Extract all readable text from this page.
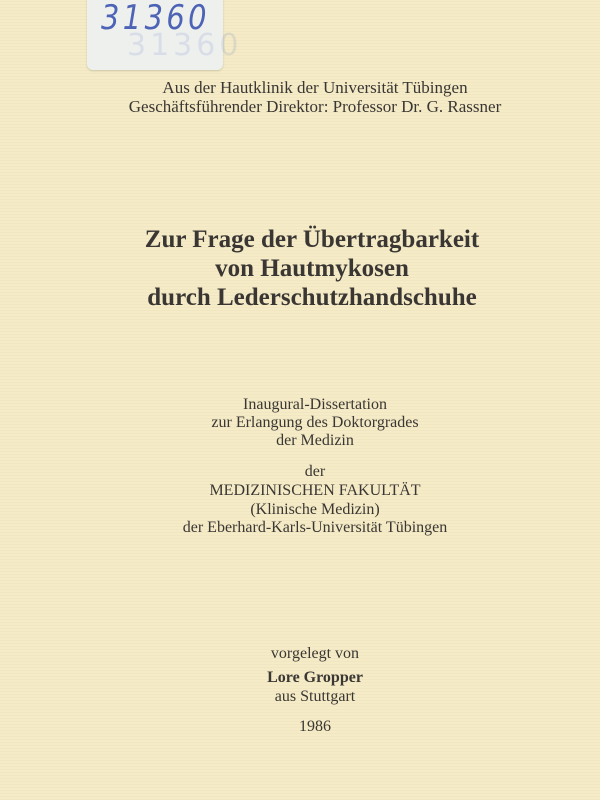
31360
31360
Aus der Hautklinik der Universität Tübingen
Geschäftsführender Direktor: Professor Dr. G. Rassner
Zur Frage der Übertragbarkeit
von Hautmykosen
durch Lederschutzhandschuhe
Inaugural-Dissertation
zur Erlangung des Doktorgrades
der Medizin
der
MEDIZINISCHEN FAKULTÄT
(Klinische Medizin)
der Eberhard-Karls-Universität Tübingen
vorgelegt von
Lore Gropper
aus Stuttgart
1986
